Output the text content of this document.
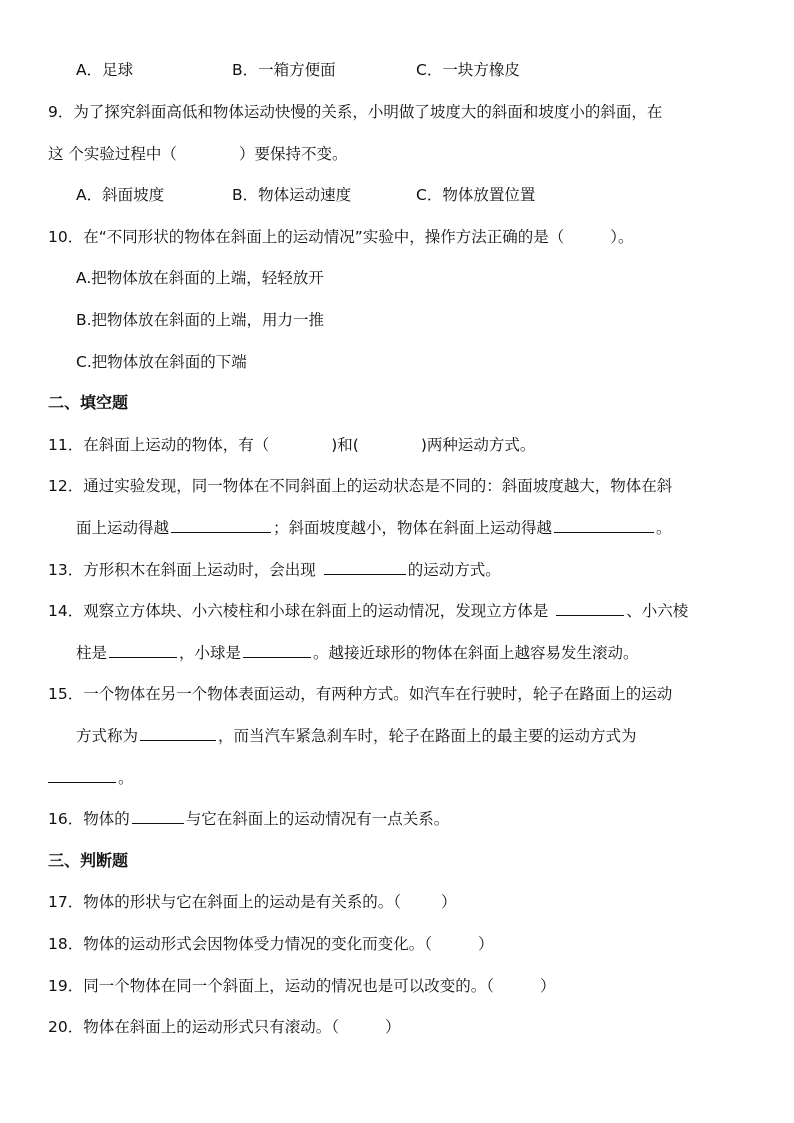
A．足球	B．一箱方便面	C．一块方橡皮
9．为了探究斜面高低和物体运动快慢的关系，小明做了坡度大的斜面和坡度小的斜面，在
这 个实验过程中（	）要保持不变。
A．斜面坡度	B．物体运动速度	C．物体放置位置
10．在“不同形状的物体在斜面上的运动情况”实验中，操作方法正确的是（	）。
A.把物体放在斜面的上端，轻轻放开
B.把物体放在斜面的上端，用力一推
C.把物体放在斜面的下端
二、填空题
11．在斜面上运动的物体，有（	)和(	)两种运动方式。
12．通过实验发现，同一物体在不同斜面上的运动状态是不同的：斜面坡度越大，物体在斜
面上运动得越	；斜面坡度越小，物体在斜面上运动得越	。
13．方形积木在斜面上运动时，会出现	的运动方式。
14．观察立方体块、小六棱柱和小球在斜面上的运动情况，发现立方体是	、小六棱
柱是	，小球是	。越接近球形的物体在斜面上越容易发生滚动。
15．一个物体在另一个物体表面运动，有两种方式。如汽车在行驶时，轮子在路面上的运动
方式称为	，而当汽车紧急刹车时，轮子在路面上的最主要的运动方式为
。
16．物体的	与它在斜面上的运动情况有一点关系。
三、判断题
17．物体的形状与它在斜面上的运动是有关系的。（	）
18．物体的运动形式会因物体受力情况的变化而变化。（	）
19．同一个物体在同一个斜面上，运动的情况也是可以改变的。（	）
20．物体在斜面上的运动形式只有滚动。（	）
